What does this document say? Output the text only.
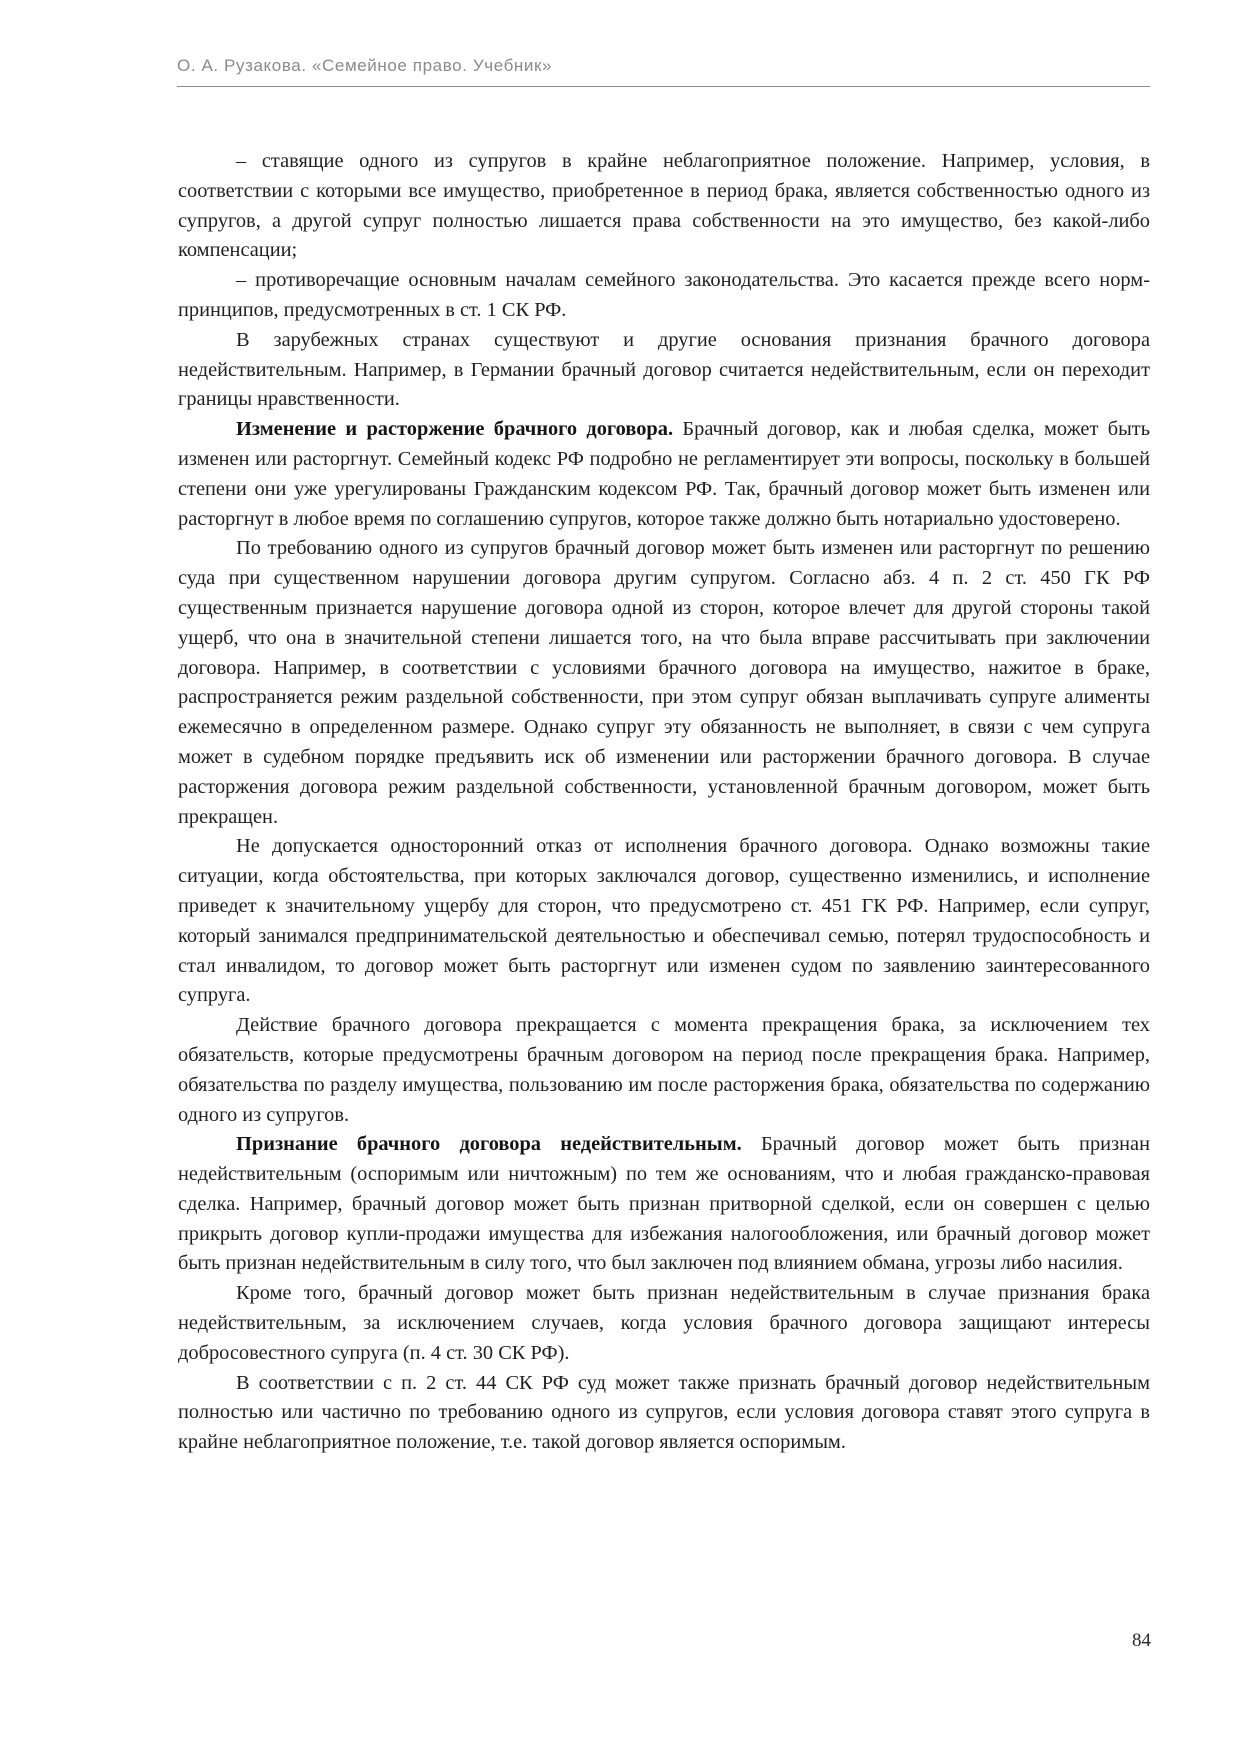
О. А. Рузакова. «Семейное право. Учебник»

– ставящие одного из супругов в крайне неблагоприятное положение. Например, условия, в соответствии с которыми все имущество, приобретенное в период брака, является собственностью одного из супругов, а другой супруг полностью лишается права собственности на это имущество, без какой-либо компенсации;

– противоречащие основным началам семейного законодательства. Это касается прежде всего норм-принципов, предусмотренных в ст. 1 СК РФ.

В зарубежных странах существуют и другие основания признания брачного договора недействительным. Например, в Германии брачный договор считается недействительным, если он переходит границы нравственности.

Изменение и расторжение брачного договора. Брачный договор, как и любая сделка, может быть изменен или расторгнут. Семейный кодекс РФ подробно не регламентирует эти вопросы, поскольку в большей степени они уже урегулированы Гражданским кодексом РФ. Так, брачный договор может быть изменен или расторгнут в любое время по соглашению супругов, которое также должно быть нотариально удостоверено.

По требованию одного из супругов брачный договор может быть изменен или расторгнут по решению суда при существенном нарушении договора другим супругом. Согласно абз. 4 п. 2 ст. 450 ГК РФ существенным признается нарушение договора одной из сторон, которое влечет для другой стороны такой ущерб, что она в значительной степени лишается того, на что была вправе рассчитывать при заключении договора. Например, в соответствии с условиями брачного договора на имущество, нажитое в браке, распространяется режим раздельной собственности, при этом супруг обязан выплачивать супруге алименты ежемесячно в определенном размере. Однако супруг эту обязанность не выполняет, в связи с чем супруга может в судебном порядке предъявить иск об изменении или расторжении брачного договора. В случае расторжения договора режим раздельной собственности, установленной брачным договором, может быть прекращен.

Не допускается односторонний отказ от исполнения брачного договора. Однако возможны такие ситуации, когда обстоятельства, при которых заключался договор, существенно изменились, и исполнение приведет к значительному ущербу для сторон, что предусмотрено ст. 451 ГК РФ. Например, если супруг, который занимался предпринимательской деятельностью и обеспечивал семью, потерял трудоспособность и стал инвалидом, то договор может быть расторгнут или изменен судом по заявлению заинтересованного супруга.

Действие брачного договора прекращается с момента прекращения брака, за исключением тех обязательств, которые предусмотрены брачным договором на период после прекращения брака. Например, обязательства по разделу имущества, пользованию им после расторжения брака, обязательства по содержанию одного из супругов.

Признание брачного договора недействительным. Брачный договор может быть признан недействительным (оспоримым или ничтожным) по тем же основаниям, что и любая гражданско-правовая сделка. Например, брачный договор может быть признан притворной сделкой, если он совершен с целью прикрыть договор купли-продажи имущества для избежания налогообложения, или брачный договор может быть признан недействительным в силу того, что был заключен под влиянием обмана, угрозы либо насилия.

Кроме того, брачный договор может быть признан недействительным в случае признания брака недействительным, за исключением случаев, когда условия брачного договора защищают интересы добросовестного супруга (п. 4 ст. 30 СК РФ).

В соответствии с п. 2 ст. 44 СК РФ суд может также признать брачный договор недействительным полностью или частично по требованию одного из супругов, если условия договора ставят этого супруга в крайне неблагоприятное положение, т.е. такой договор является оспоримым.

84
